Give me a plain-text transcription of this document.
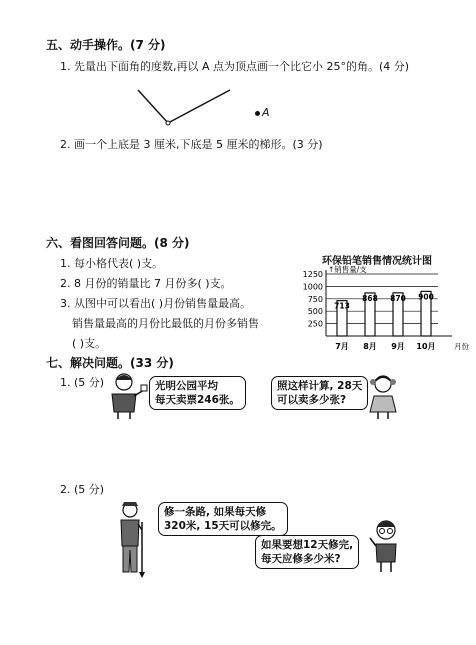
五、动手操作。(7 分)
1. 先量出下面角的度数,再以 A 点为顶点画一个比它小 25°的角。(4 分)
A
2. 画一个上底是 3 厘米,下底是 5 厘米的梯形。(3 分)
六、看图回答问题。(8 分)
1. 每小格代表( )支。
2. 8 月份的销量比 7 月份多( )支。
3. 从图中可以看出( )月份销售量最高。
销售量最高的月份比最低的月份多销售
( )支。
环保铅笔销售情况统计图
250
500
750
1000
1250
↑销售量/支
713
7月
868
8月
870
9月
900
10月 月份
七、解决问题。(33 分)
1. (5 分)	光明公园平均
每天卖票246张。
照这样计算, 28天
可以卖多少张?
2. (5 分)
修一条路, 如果每天修
320米, 15天可以修完。
如果要想12天修完,
每天应修多少米?
